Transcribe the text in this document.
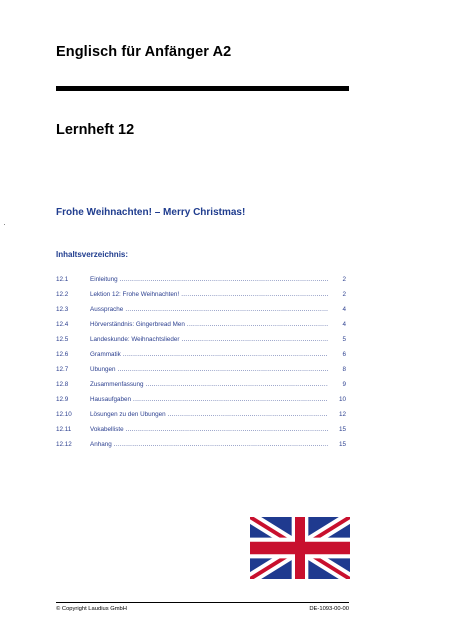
Englisch für Anfänger A2
Lernheft 12
Frohe Weihnachten! – Merry Christmas!
Inhaltsverzeichnis:
12.1	Einleitung .....	2
12.2	Lektion 12: Frohe Weihnachten! .....	2
12.3	Aussprache .....	4
12.4	Hörverständnis: Gingerbread Men .....	4
12.5	Landeskunde: Weihnachtslieder .....	5
12.6	Grammatik .....	6
12.7	Übungen .....	8
12.8	Zusammenfassung .....	9
12.9	Hausaufgaben .....	10
12.10	Lösungen zu den Übungen .....	12
12.11	Vokabelliste .....	15
12.12	Anhang .....	15
© Copyright Laudius GmbH	DE-1093-00-00
